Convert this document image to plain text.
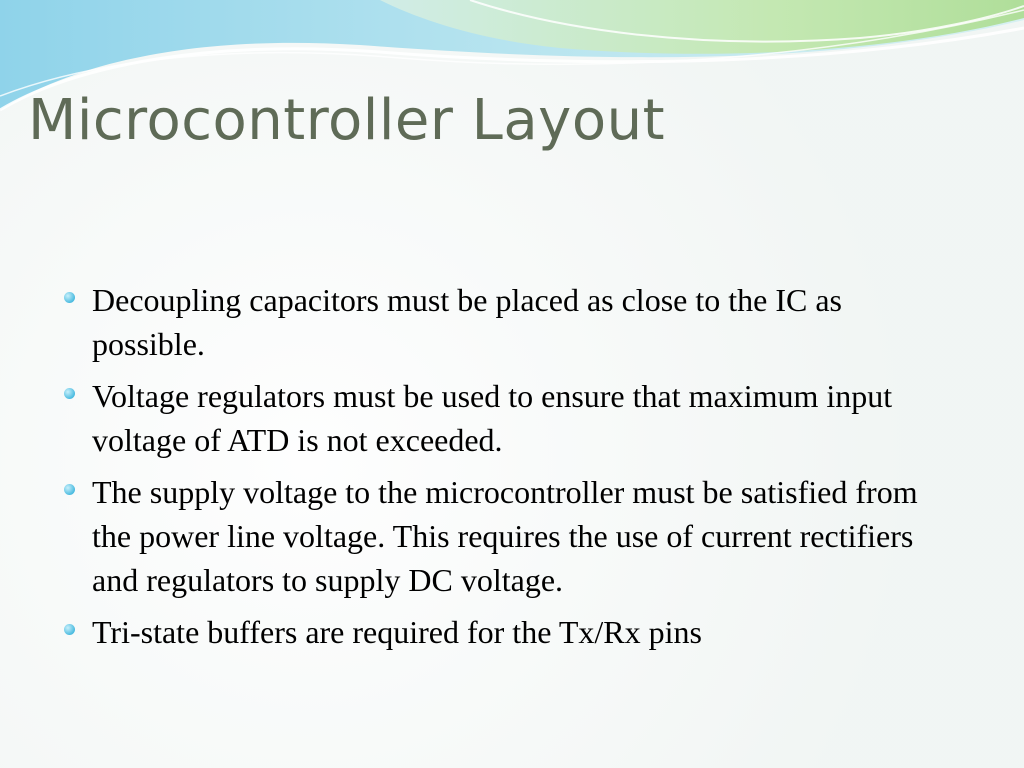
Microcontroller Layout
Decoupling capacitors must be placed as close to the IC as possible.
Voltage regulators must be used to ensure that maximum input voltage of ATD is not exceeded.
The supply voltage to the microcontroller must be satisfied from the power line voltage. This requires the use of current rectifiers and regulators to supply DC voltage.
Tri-state buffers are required for the Tx/Rx pins
